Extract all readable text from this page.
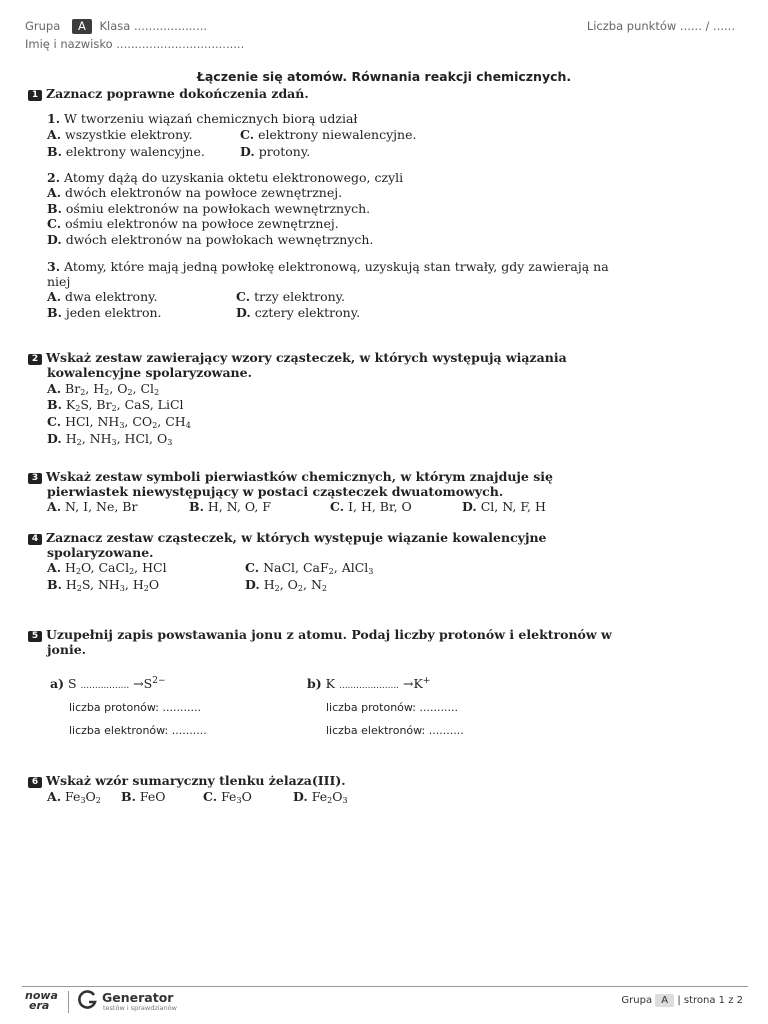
Grupa A Klasa ....................	Liczba punktów ...... / ......
Imię i nazwisko ...................................
Łączenie się atomów. Równania reakcji chemicznych.
1 Zaznacz poprawne dokończenia zdań.
1. W tworzeniu wiązań chemicznych biorą udział
A. wszystkie elektrony.	C. elektrony niewalencyjne.
B. elektrony walencyjne.	D. protony.
2. Atomy dążą do uzyskania oktetu elektronowego, czyli
A. dwóch elektronów na powłoce zewnętrznej.
B. ośmiu elektronów na powłokach wewnętrznych.
C. ośmiu elektronów na powłoce zewnętrznej.
D. dwóch elektronów na powłokach wewnętrznych.
3. Atomy, które mają jedną powłokę elektronową, uzyskują stan trwały, gdy zawierają na
niej
A. dwa elektrony.	C. trzy elektrony.
B. jeden elektron.	D. cztery elektrony.
2 Wskaż zestaw zawierający wzory cząsteczek, w których występują wiązania
kowalencyjne spolaryzowane.
A. $Br_2$, $H_2$, $O_2$, $Cl_2$
B. $K_2S$, $Br_2$, CaS, LiCl
C. HCl, $NH_3$, $CO_2$, $CH_4$
D. $H_2$, $NH_3$, HCl, $O_3$
3 Wskaż zestaw symboli pierwiastków chemicznych, w którym znajduje się
pierwiastek niewystępujący w postaci cząsteczek dwuatomowych.
A. N, I, Ne, Br	B. H, N, O, F	C. I, H, Br, O	D. Cl, N, F, H
4 Zaznacz zestaw cząsteczek, w których występuje wiązanie kowalencyjne
spolaryzowane.
A. $H_2O$, CaCl$_2$, HCl	C. NaCl, CaF$_2$, AlCl$_3$
B. $H_2S$, $NH_3$, $H_2O$	D. $H_2$, $O_2$, $N_2$
5 Uzupełnij zapis powstawania jonu z atomu. Podaj liczby protonów i elektronów w
jonie.
a) S ................. $\to S^{2-}$	b) K ..................... →K+
liczba protonów: ...........	liczba protonów: ...........
liczba elektronów: ..........	liczba elektronów: ..........
6 Wskaż wzór sumaryczny tlenku żelaza(III).
A. $Fe_3O_2$ B. FeO	C. $Fe_3O$	D. $Fe_2O_3$
nowa
era
Generator
testów i sprawdzianów
Grupa A | strona 1 z 2
